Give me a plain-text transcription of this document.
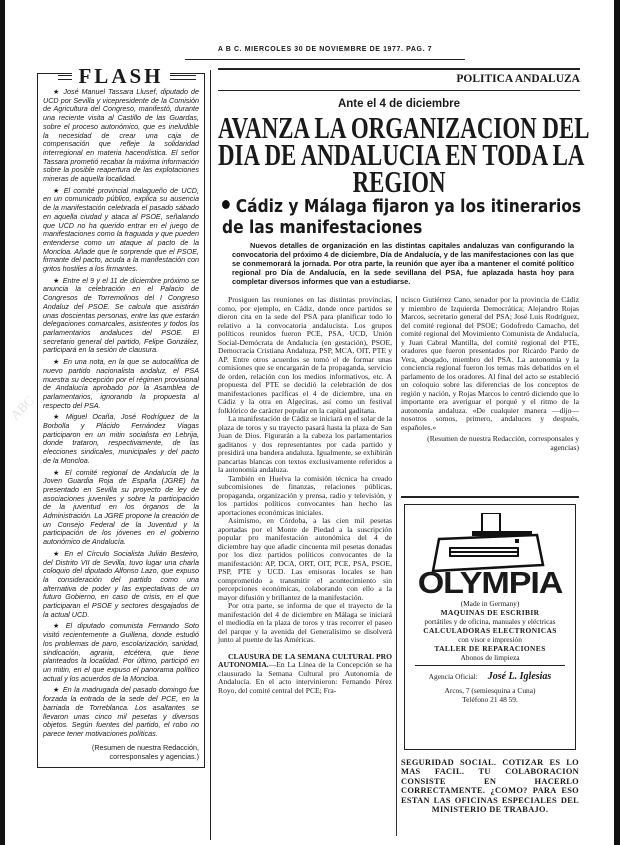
ABC
A B C. MIERCOLES 30 DE NOVIEMBRE DE 1977. PAG. 7
FLASH

★ José Manuel Tassara Llusef, diputado de UCD por Sevilla y vicepresidente de la Comisión de Agricultura del Congreso, manifestó, durante una reciente visita al Castillo de las Guardas, sobre el proceso autonómico, que es ineludible la necesidad de crear una caja de compensación que refleje la solidaridad interregional en materia hacendística. El señor Tassara prometió recabar la máxima información sobre la posible reapertura de las explotaciones mineras de aquella localidad.

★ El comité provincial malagueño de UCD, en un comunicado público, explica su ausencia de la manifestación celebrada el pasado sábado en aquella ciudad y ataca al PSOE, señalando que UCD no ha querido entrar en el juego de manifestaciones como la fraguada y que pueden entenderse como un ataque al pacto de la Moncloa. Añade que le sorprende que el PSOE, firmante del pacto, acuda a la manifestación con gritos hostiles a los firmantes.

★ Entre el 9 y el 11 de diciembre próximo se anuncia la celebración en el Palacio de Congresos de Torremolinos del I Congreso Andaluz del PSOE. Se calcula que asistirán unas doscientas personas, entre las que estarán delegaciones comarcales, asistentes y todos los parlamentarios andaluces del PSOE. El secretario general del partido, Felipe González, participará en la sesión de clausura.

★ En una nota, en la que se autocalifica de nuevo partido nacionalista andaluz, el PSA muestra su decepción por el régimen provisional de Andalucía aprobado por la Asamblea de parlamentarios, ignorando la propuesta al respecto del PSA.

★ Miguel Ocaña, José Rodríguez de la Borbolla y Plácido Fernández Viagas participaron en un mitin socialista en Lebrija, donde trataron, respectivamente, de las elecciones sindicales, municipales y del pacto de la Moncloa.

★ El comité regional de Andalucía de la Joven Guardia Roja de España (JGRE) ha presentado en Sevilla su proyecto de ley de asociaciones juveniles y sobre la participación de la juventud en los órganos de la Administración. La JGRE propone la creación de un Consejo Federal de la Juventud y la participación de los jóvenes en el gobierno autonómico de Andalucía.

★ En el Círculo Socialista Julián Besteiro, del Distrito VII de Sevilla, tuvo lugar una charla coloquio del diputado Alfonso Lazo, que expuso la consideración del partido como una alternativa de poder y las expectativas de un futuro Gobierno, en caso de crisis, en el que participaran el PSOE y sectores desgajados de la actual UCD.

★ El diputado comunista Fernando Soto visitó recientemente a Guillena, donde estudió los problemas de paro, escolarización, sanidad, sindicación, agraria, etcétera, que tiene planteados la localidad. Por último, participó en un mitin, en el que expuso el panorama político actual y los acuerdos de la Moncloa.

★ En la madrugada del pasado domingo fue forzada la entrada de la sede del PCE, en la barriada de Torreblanca. Los asaltantes se llevaron unas cinco mil pesetas y diversos objetos. Según fuentes del partido, el robo no parece tener motivaciones políticas.

(Resumen de nuestra Redacción, corresponsales y agencias.)
POLITICA ANDALUZA
Ante el 4 de diciembre
AVANZA LA ORGANIZACION DEL
DIA DE ANDALUCIA EN TODA LA
REGION
Cádiz y Málaga fijaron ya los itinerarios de las manifestaciones
Nuevos detalles de organización en las distintas capitales andaluzas van configurando la convocatoria del próximo 4 de diciembre, Día de Andalucía, y de las manifestaciones con las que se conmemorará la jornada. Por otra parte, la reunión que ayer iba a mantener el comité político regional pro Día de Andalucía, en la sede sevillana del PSA, fue aplazada hasta hoy para completar diversos informes que van a estudiarse.

Prosiguen las reuniones en las distintas provincias, como, por ejemplo, en Cádiz, donde once partidos se dieron cita en la sede del PSA para planificar todo lo relativo a la convocatoria andalucista. Los grupos políticos reunidos fueron PCE, PSA, UCD, Unión Social-Demócrata de Andalucía (en gestación), PSOE, Democracia Cristiana Andaluza, PSP, MCA, OIT, PTE y AP. Entre otros acuerdos se tomó el de formar unas comisiones que se encargarán de la propaganda, servicio de orden, relación con los medios informativos, etc. A propuesta del PTE se decidió la celebración de dos manifestaciones pacíficas el 4 de diciembre, una en Cádiz y la otra en Algeciras, así como un festival folklórico de carácter popular en la capital gaditana.

La manifestación de Cádiz se iniciará en el solar de la plaza de toros y su trayecto pasará hasta la plaza de San Juan de Dios. Figurarán a la cabeza los parlamentarios gaditanos y dos representantes por cada partido y presidirá una bandera andaluza. Igualmente, se exhibirán pancartas blancas con textos exclusivamente referidos a la autonomía andaluza.

También en Huelva la comisión técnica ha creado subcomisiones de finanzas, relaciones públicas, propaganda, organización y prensa, radio y televisión, y los partidos políticos convocantes han hecho las aportaciones económicas iniciales.

Asimismo, en Córdoba, a las cien mil pesetas aportadas por el Monte de Piedad a la suscripción popular pro manifestación autonómica del 4 de diciembre hay que añadir cincuenta mil pesetas donadas por los diez partidos políticos convocantes de la manifestación: AP, DCA, ORT, OIT, PCE, PSA, PSOE, PSP, PTE y UCD. Las emisoras locales se han comprometido a transmitir el acontecimiento sin percepciones económicas, colaborando con ello a la mayor difusión y brillantez de la manifestación.

Por otra parte, se informa de que el trayecto de la manifestación del 4 de diciembre en Málaga se iniciará el mediodía en la plaza de toros y tras recorrer el paseo del parque y la avenida del Generalísimo se disolverá junto al puente de las Américas.

CLAUSURA DE LA SEMANA CULTURAL PRO AUTONOMIA.—En La Línea de la Concepción se ha clausurado la Semana Cultural pro Autonomía de Andalucía. En el acto intervinieron: Fernando Pérez Royo, del comité central del PCE; Fra-

ncisco Gutiérrez Cano, senador por la provincia de Cádiz y miembro de Izquierda Democrática; Alejandro Rojas Marcos, secretario general del PSA; José Luis Rodríguez, del comité regional del PSOE; Godofredo Camacho, del comité regional del Movimiento Comunista de Andalucía, y Juan Cabral Mantilla, del comité regional del PTE, oradores que fueron presentados por Ricardo Pardo de Vera, abogado, miembro del PSA. La autonomía y la conciencia regional fueron los temas más debatidos en el parlamento de los oradores. Al final del acto se estableció un coloquio sobre las diferencias de los conceptos de región y nación, y Rojas Marcos lo centró diciendo que lo importante era averiguar el porqué y el ritmo de la autonomía andaluza. «De cualquier manera —dijo— nosotros somos, primero, andaluces y después, españoles.»

(Resumen de nuestra Redacción, corresponsales y agencias)
OLYMPIA
(Made in Germany)
MAQUINAS DE ESCRIBIR
portátiles y de oficina, manuales y eléctricas
CALCULADORAS ELECTRONICAS
con visor e impresión
TALLER DE REPARACIONES
Abonos de limpieza
Agencia Oficial: José L. Iglesias
Arcos, 7 (semiesquina a Cuna)
Teléfono 21 48 59.
SEGURIDAD SOCIAL. COTIZAR ES LO MAS FACIL. TU COLABORACION CONSISTE EN HACERLO CORRECTAMENTE. ¿COMO? PARA ESO ESTAN LAS OFICINAS ESPECIALES DEL MINISTERIO DE TRABAJO.
